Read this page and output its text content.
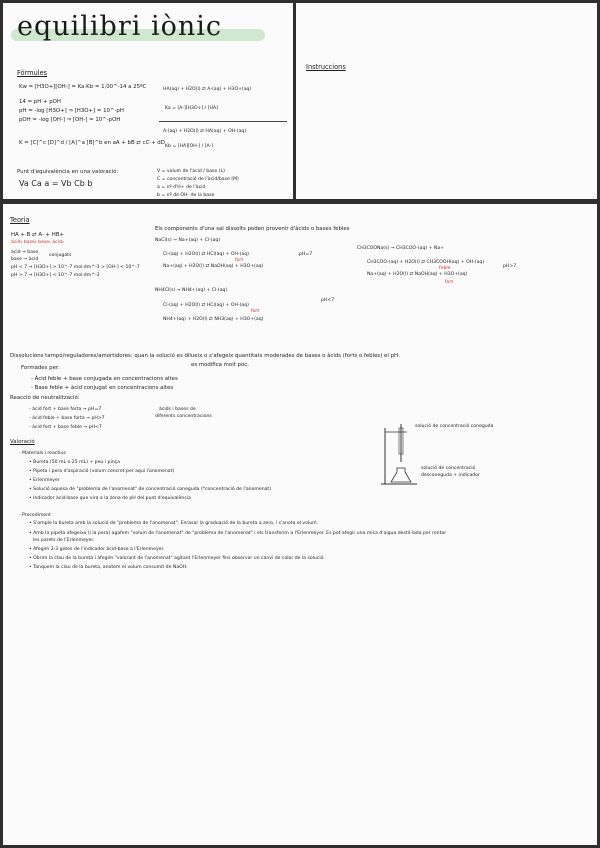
equilibri iònic
Fórmules
Kw = [H3O+][OH-] = Ka·Kb = 1,00^-14 a 25ºC
14 = pH + pOH
pH = -log [H3O+] ⇒ [H3O+] = 10^-pH
pOH = -log [OH-] ⇒ [OH-] = 10^-pOH
K = [C]^c [D]^d / [A]^a [B]^b en aA + bB ⇄ cC + dD
Punt d'equivalència en una valoració:
Va Ca a = Vb Cb b
V = volum de l'àcid / base (L)
C = concentració de l'àcid/base (M)
a = nº d'H+ de l'àcid
b = nº de OH- de la base
HA(aq) + H2O(l) ⇄ A-(aq) + H3O+(aq)
Ka = [A-][H3O+] / [HA]
A-(aq) + H2O(l) ⇄ HA(aq) + OH-(aq)
Kb = [HA][OH-] / [A-]
Instruccions
Teoria
HA + B ⇄ A- + HB+
àcid₁ base₂ base₁ àcid₂
àcid → base
base → àcid
conjugats
pH < 7 ⇒ [H3O+] > 10^-7 mol·dm^-3 > [OH-] < 10^-7
pH > 7 ⇒ [H3O+] < 10^-7 mol·dm^-3
Els components d'una sal dissolts poden provenir d'àcids o bases febles
NaCl(s) → Na+(aq) + Cl-(aq)
Cl-(aq) + H2O(l) ⇄ HCl(aq) + OH-(aq)
Na+(aq) + H2O(l) ⇄ NaOH(aq) + H3O+(aq)
pH=7
fort
NH4Cl(s) → NH4+(aq) + Cl-(aq)
Cl-(aq) + H2O(l) ⇄ HCl(aq) + OH-(aq)
NH4+(aq) + H2O(l) ⇄ NH3(aq) + H3O+(aq)
pH<7
fort
CH3COONa(s) → CH3COO-(aq) + Na+
CH3COO-(aq) + H2O(l) ⇄ CH3COOH(aq) + OH-(aq)
Na+(aq) + H2O(l) ⇄ NaOH(aq) + H3O+(aq)
pH>7
feble
fort
Dissolucions tampó/reguladores/amortidores: quan la solució es dilueix o s'afegeix quantitats moderades de bases o àcids (forts o febles) el pH
es modifica molt poc.
Formades per:
- Àcid feble + base conjugada en concentracions altes
- Base feble + àcid conjugat en concentracions altes
Reacció de neutralització:
- àcid fort + base forta → pH=7
- àcid feble + base forta → pH>7
- àcid fort + base feble → pH<7
àcids i bases de
diferents concentracions
Valoració
- Materials i reactius
• Bureta (50 mL o 25 mL) + peu i pinça
• Pipeta i pera d'aspiració (volum concret per aquí l'anomenat)
• Erlenmeyer
• Solució aquosa de "problema de l'anomenat" de concentració coneguda (*concentració de l'anomenat)
• Indicador àcid-base que vira a la zona de pH del punt d'equivalència
solució de concentració coneguda
solució de concentració
desconeguda + indicador
- Procediment
• S'omple la bureta amb la solució de "problema de l'anomenat". Enrasar la graduació de la bureta a zero, i s'anota el volum.
• Amb la pipeta afegeixo (i la pera) agafem "volum de l'anomenat" de "problema de l'anomenat" i els transferim a l'Erlenmeyer. Es pot afegir una mica d'aigua destil·lada per rentar
les parets de l'Erlenmeyer.
• Afegim 2-3 gotes de l'indicador àcid-base a l'Erlenmeyer.
• Obrim la clau de la bureta i afegim "valorant de l'anomenat" agitant l'Erlenmeyer fins observar un canvi de color de la solució.
• Tanquem la clau de la bureta, anotem el volum consumit de NaOH.
